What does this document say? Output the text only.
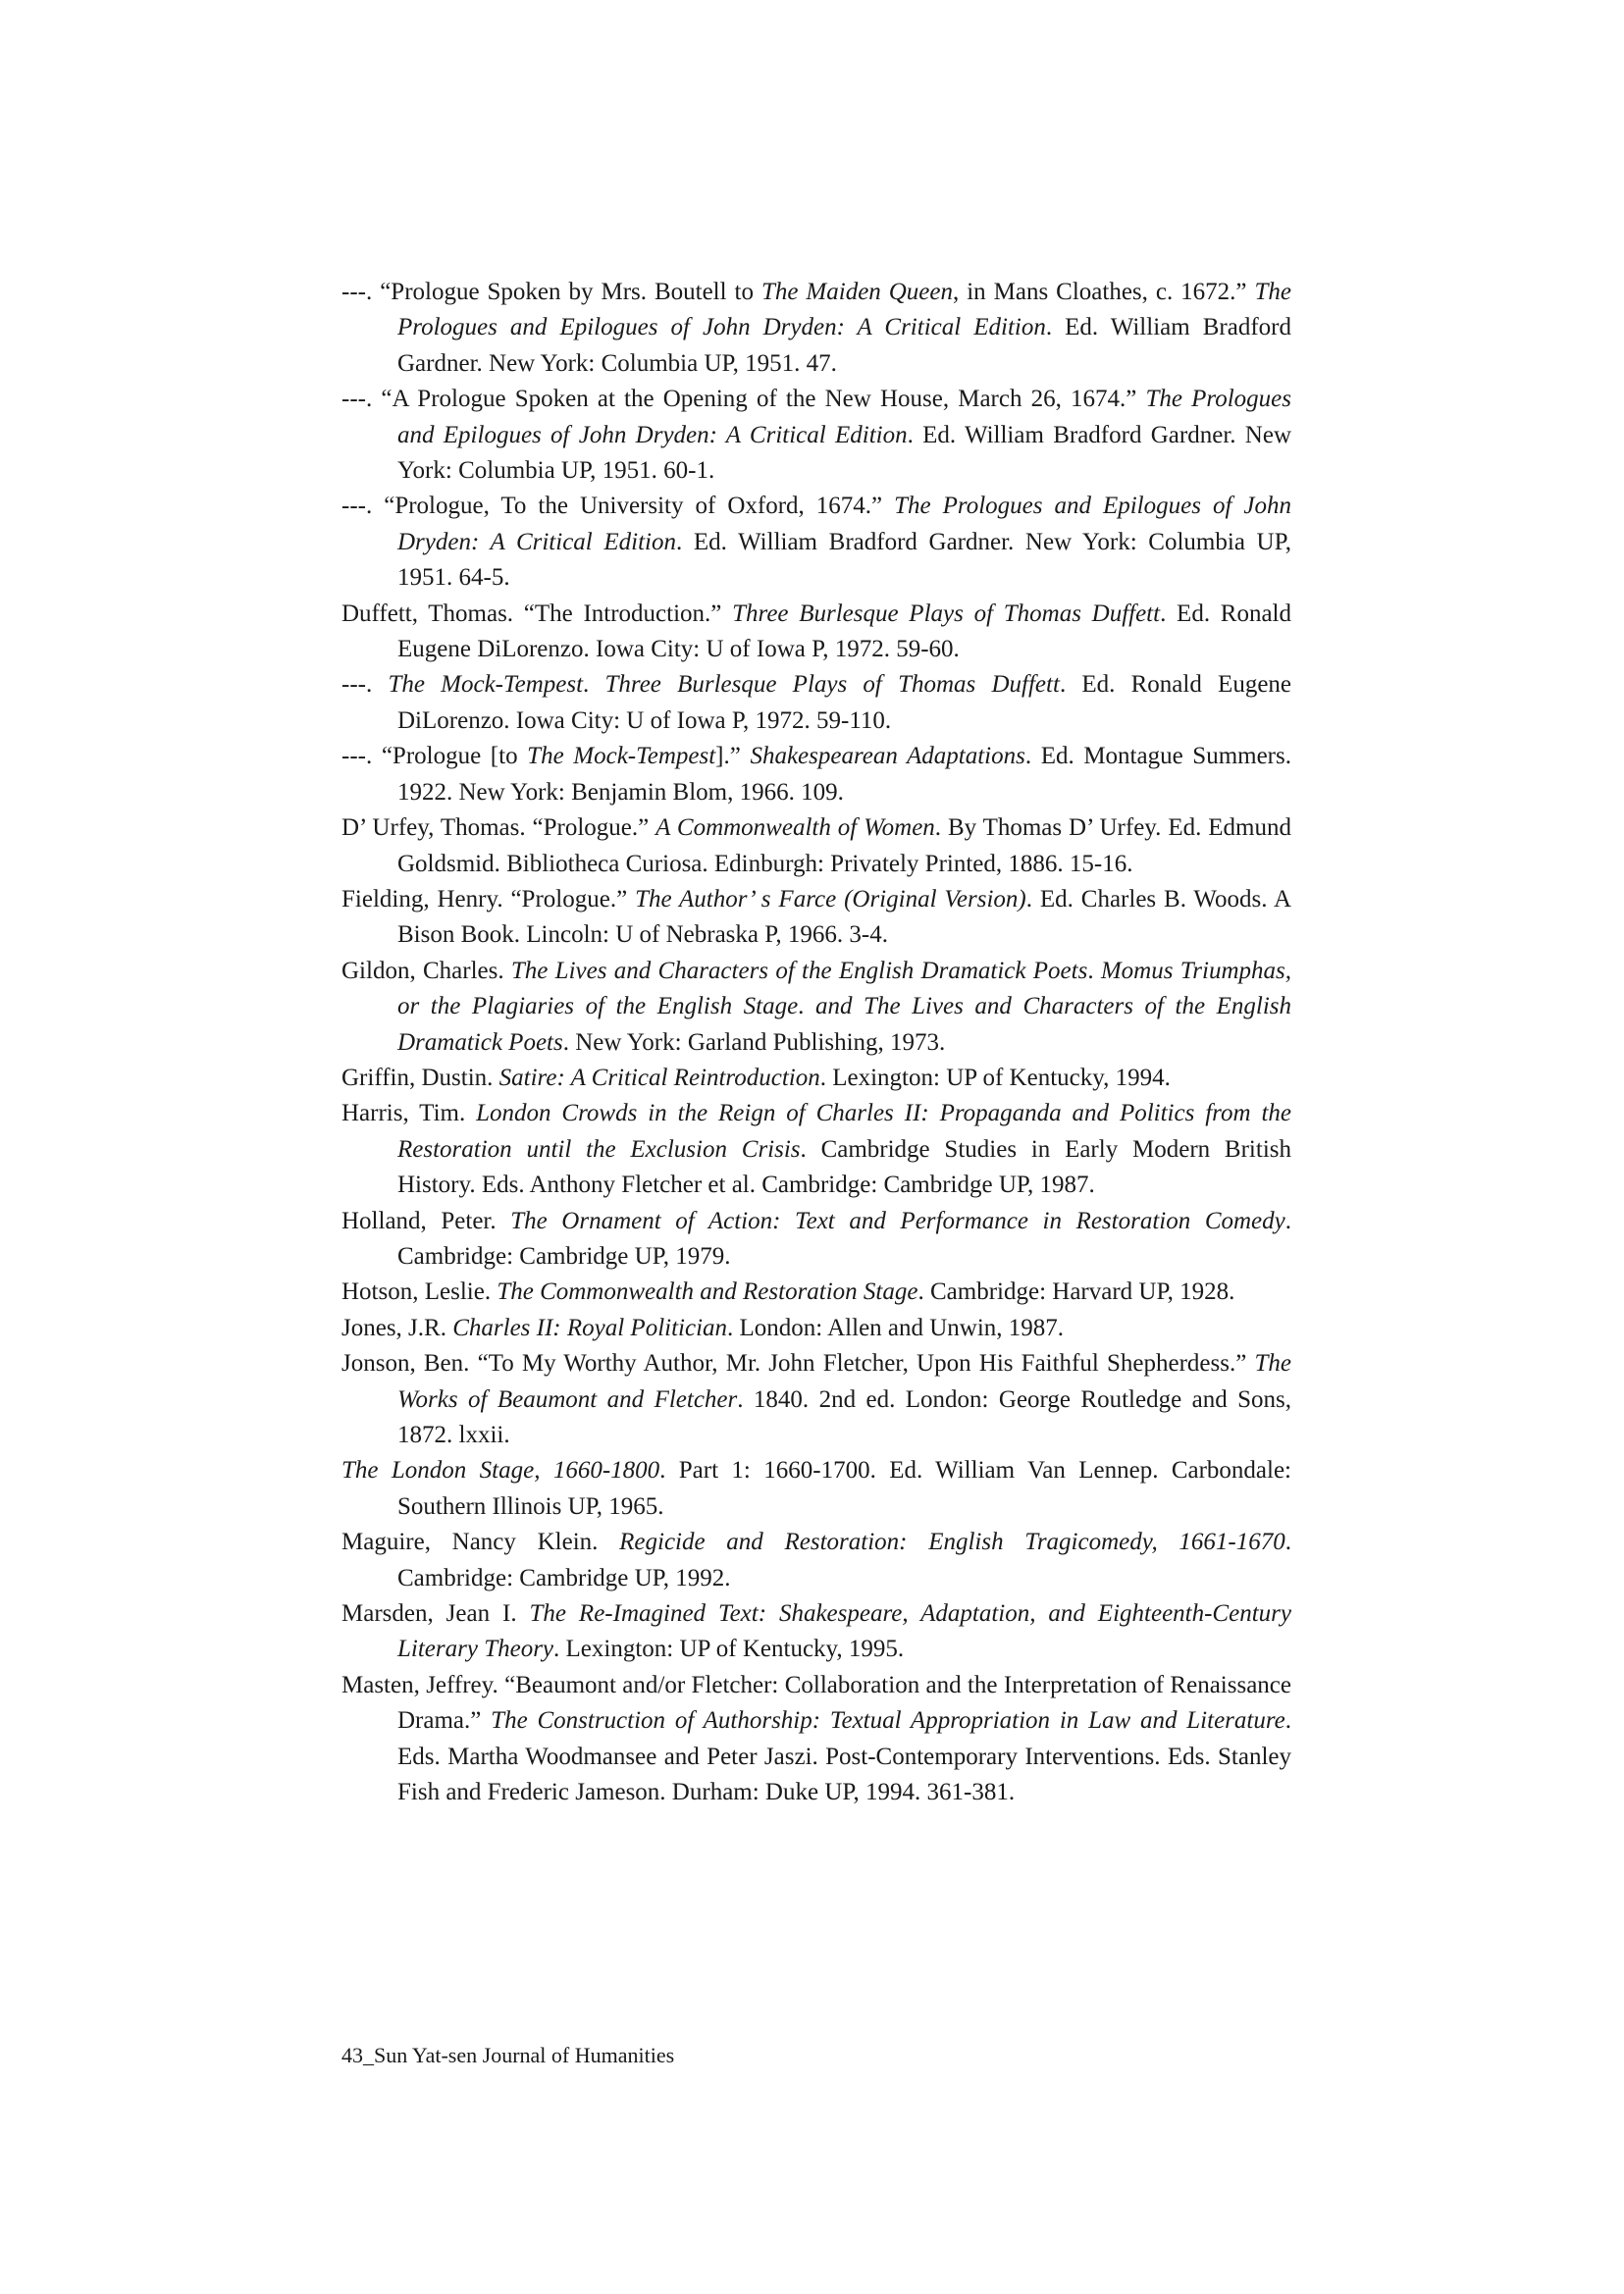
---. “Prologue Spoken by Mrs. Boutell to The Maiden Queen, in Mans Cloathes, c. 1672.” The Prologues and Epilogues of John Dryden: A Critical Edition. Ed. William Bradford Gardner. New York: Columbia UP, 1951. 47.

---. “A Prologue Spoken at the Opening of the New House, March 26, 1674.” The Prologues and Epilogues of John Dryden: A Critical Edition. Ed. William Bradford Gardner. New York: Columbia UP, 1951. 60-1.

---. “Prologue, To the University of Oxford, 1674.” The Prologues and Epilogues of John Dryden: A Critical Edition. Ed. William Bradford Gardner. New York: Columbia UP, 1951. 64-5.

Duffett, Thomas. “The Introduction.” Three Burlesque Plays of Thomas Duffett. Ed. Ronald Eugene DiLorenzo. Iowa City: U of Iowa P, 1972. 59-60.

---. The Mock-Tempest. Three Burlesque Plays of Thomas Duffett. Ed. Ronald Eugene DiLorenzo. Iowa City: U of Iowa P, 1972. 59-110.

---. “Prologue [to The Mock-Tempest].” Shakespearean Adaptations. Ed. Montague Summers. 1922. New York: Benjamin Blom, 1966. 109.

D’ Urfey, Thomas. “Prologue.” A Commonwealth of Women. By Thomas D’ Urfey. Ed. Edmund Goldsmid. Bibliotheca Curiosa. Edinburgh: Privately Printed, 1886. 15-16.

Fielding, Henry. “Prologue.” The Author’ s Farce (Original Version). Ed. Charles B. Woods. A Bison Book. Lincoln: U of Nebraska P, 1966. 3-4.

Gildon, Charles. The Lives and Characters of the English Dramatick Poets. Momus Triumphas, or the Plagiaries of the English Stage. and The Lives and Characters of the English Dramatick Poets. New York: Garland Publishing, 1973.

Griffin, Dustin. Satire: A Critical Reintroduction. Lexington: UP of Kentucky, 1994.

Harris, Tim. London Crowds in the Reign of Charles II: Propaganda and Politics from the Restoration until the Exclusion Crisis. Cambridge Studies in Early Modern British History. Eds. Anthony Fletcher et al. Cambridge: Cambridge UP, 1987.

Holland, Peter. The Ornament of Action: Text and Performance in Restoration Comedy. Cambridge: Cambridge UP, 1979.

Hotson, Leslie. The Commonwealth and Restoration Stage. Cambridge: Harvard UP, 1928.

Jones, J.R. Charles II: Royal Politician. London: Allen and Unwin, 1987.

Jonson, Ben. “To My Worthy Author, Mr. John Fletcher, Upon His Faithful Shepherdess.” The Works of Beaumont and Fletcher. 1840. 2nd ed. London: George Routledge and Sons, 1872. lxxii.

The London Stage, 1660-1800. Part 1: 1660-1700. Ed. William Van Lennep. Carbondale: Southern Illinois UP, 1965.

Maguire, Nancy Klein. Regicide and Restoration: English Tragicomedy, 1661-1670. Cambridge: Cambridge UP, 1992.

Marsden, Jean I. The Re-Imagined Text: Shakespeare, Adaptation, and Eighteenth-Century Literary Theory. Lexington: UP of Kentucky, 1995.

Masten, Jeffrey. “Beaumont and/or Fletcher: Collaboration and the Interpretation of Renaissance Drama.” The Construction of Authorship: Textual Appropriation in Law and Literature. Eds. Martha Woodmansee and Peter Jaszi. Post-Contemporary Interventions. Eds. Stanley Fish and Frederic Jameson. Durham: Duke UP, 1994. 361-381.

43_Sun Yat-sen Journal of Humanities
